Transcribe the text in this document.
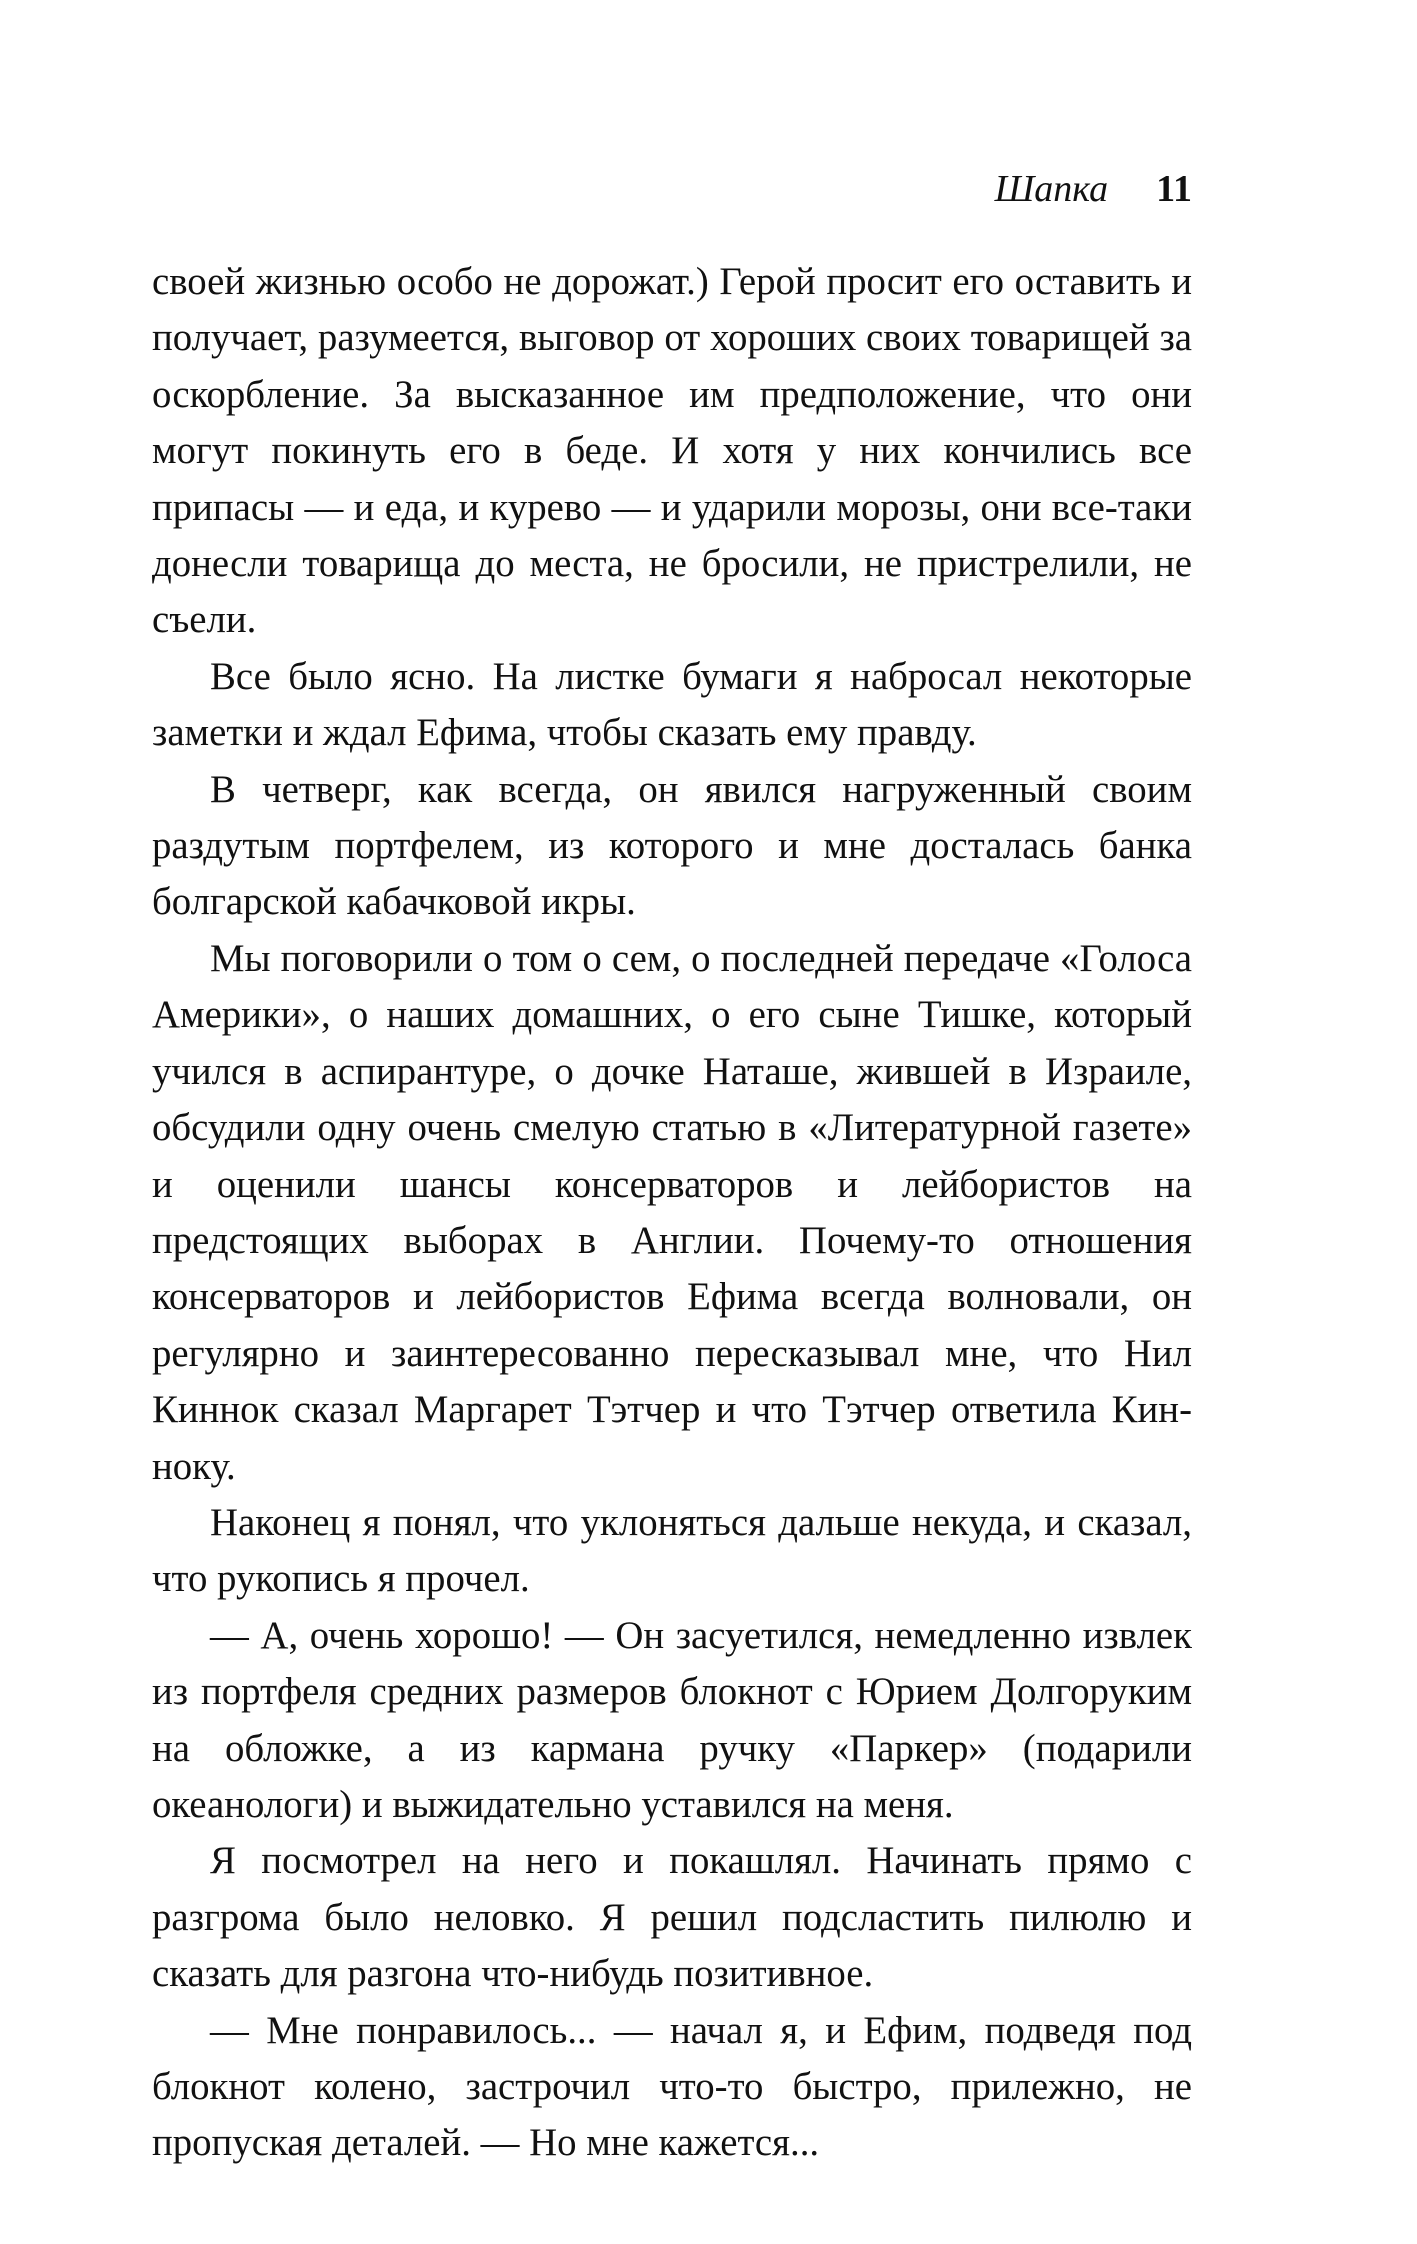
Шапка 11

своей жизнью особо не дорожат.) Герой просит его оставить и получает, разумеется, выговор от хороших своих товарищей за оскорбление. За высказанное им предположение, что они могут покинуть его в беде. И хотя у них кончились все припасы — и еда, и курево — и ударили морозы, они все-таки донесли товарища до места, не бросили, не пристрелили, не съели.

Все было ясно. На листке бумаги я набросал некоторые заметки и ждал Ефима, чтобы сказать ему правду.

В четверг, как всегда, он явился нагруженный своим раздутым портфелем, из которого и мне досталась банка болгарской кабачковой икры.

Мы поговорили о том о сем, о последней передаче «Голоса Америки», о наших домашних, о его сыне Тишке, который учился в аспирантуре, о дочке Наташе, жившей в Израиле, обсудили одну очень смелую статью в «Литературной газете» и оценили шансы консерваторов и лейбористов на предстоящих выборах в Англии. Почему-то отношения консерваторов и лейбористов Ефима всегда волновали, он регулярно и заинтересованно пересказывал мне, что Нил Киннок сказал Маргарет Тэтчер и что Тэтчер ответила Кинноку.

Наконец я понял, что уклоняться дальше некуда, и сказал, что рукопись я прочел.

— А, очень хорошо! — Он засуетился, немедленно извлек из портфеля средних размеров блокнот с Юрием Долгоруким на обложке, а из кармана ручку «Паркер» (подарили океанологи) и выжидательно уставился на меня.

Я посмотрел на него и покашлял. Начинать прямо с разгрома было неловко. Я решил подсластить пилюлю и сказать для разгона что-нибудь позитивное.

— Мне понравилось... — начал я, и Ефим, подведя под блокнот колено, застрочил что-то быстро, прилежно, не пропуская деталей. — Но мне кажется...
